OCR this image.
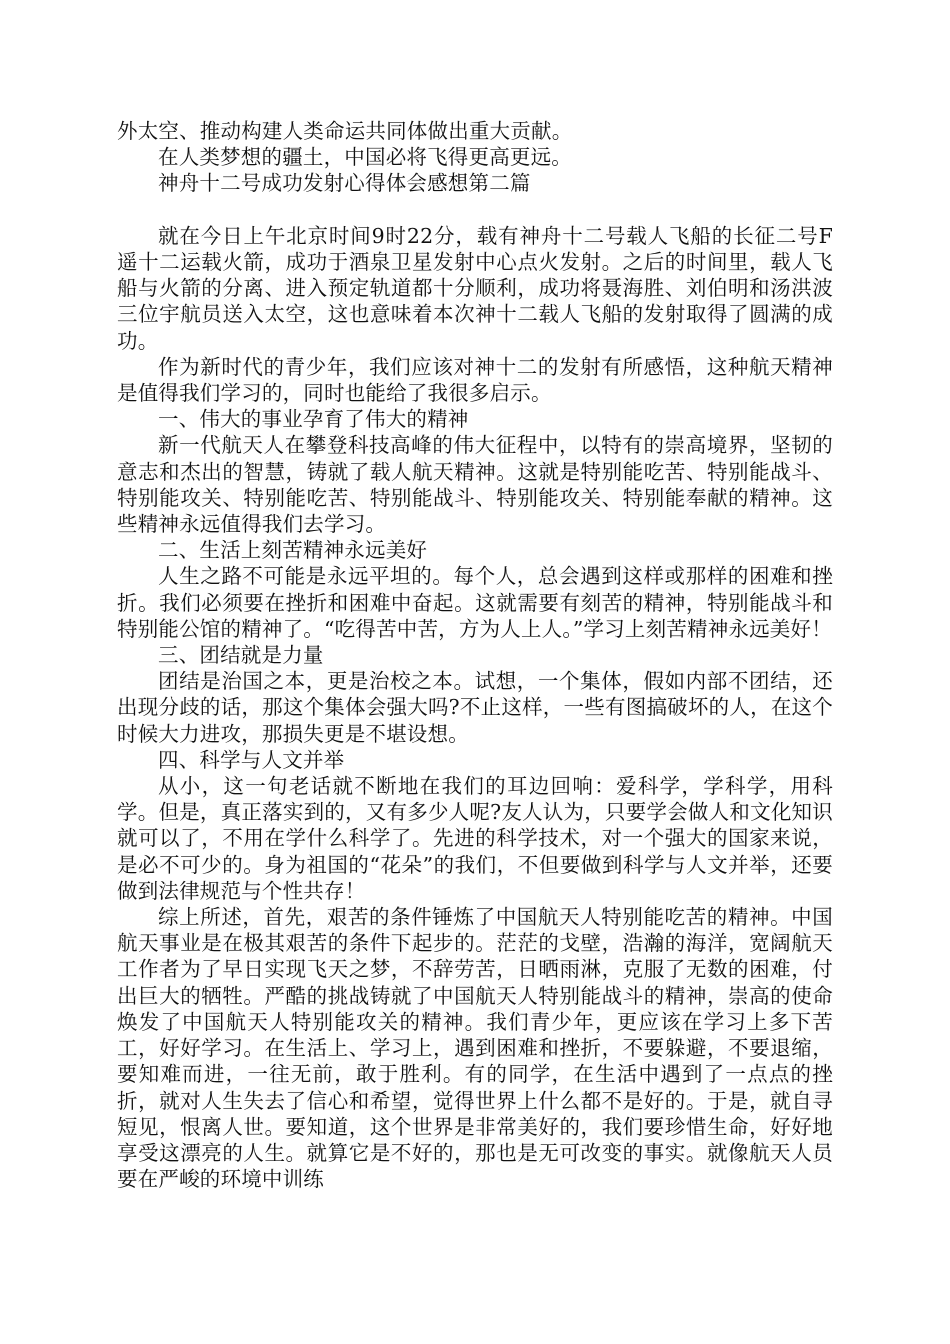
外太空、推动构建人类命运共同体做出重大贡献。

在人类梦想的疆土，中国必将飞得更高更远。

神舟十二号成功发射心得体会感想第二篇

就在今日上午北京时间9时22分，载有神舟十二号载人飞船的长征二号F遥十二运载火箭，成功于酒泉卫星发射中心点火发射。之后的时间里，载人飞船与火箭的分离、进入预定轨道都十分顺利，成功将聂海胜、刘伯明和汤洪波三位宇航员送入太空，这也意味着本次神十二载人飞船的发射取得了圆满的成功。

作为新时代的青少年，我们应该对神十二的发射有所感悟，这种航天精神是值得我们学习的，同时也能给了我很多启示。

一、伟大的事业孕育了伟大的精神

新一代航天人在攀登科技高峰的伟大征程中，以特有的崇高境界，坚韧的意志和杰出的智慧，铸就了载人航天精神。这就是特别能吃苦、特别能战斗、特别能攻关、特别能吃苦、特别能战斗、特别能攻关、特别能奉献的精神。这些精神永远值得我们去学习。

二、生活上刻苦精神永远美好

人生之路不可能是永远平坦的。每个人，总会遇到这样或那样的困难和挫折。我们必须要在挫折和困难中奋起。这就需要有刻苦的精神，特别能战斗和特别能公馆的精神了。“吃得苦中苦，方为人上人。”学习上刻苦精神永远美好！

三、团结就是力量

团结是治国之本，更是治校之本。试想，一个集体，假如内部不团结，还出现分歧的话，那这个集体会强大吗?不止这样，一些有图搞破坏的人，在这个时候大力进攻，那损失更是不堪设想。

四、科学与人文并举

从小，这一句老话就不断地在我们的耳边回响：爱科学，学科学，用科学。但是，真正落实到的，又有多少人呢?友人认为，只要学会做人和文化知识就可以了，不用在学什么科学了。先进的科学技术，对一个强大的国家来说，是必不可少的。身为祖国的“花朵”的我们，不但要做到科学与人文并举，还要做到法律规范与个性共存！

综上所述，首先，艰苦的条件锤炼了中国航天人特别能吃苦的精神。中国航天事业是在极其艰苦的条件下起步的。茫茫的戈壁，浩瀚的海洋，宽阔航天工作者为了早日实现飞天之梦，不辞劳苦，日晒雨淋，克服了无数的困难，付出巨大的牺牲。严酷的挑战铸就了中国航天人特别能战斗的精神，崇高的使命焕发了中国航天人特别能攻关的精神。我们青少年，更应该在学习上多下苦工，好好学习。在生活上、学习上，遇到困难和挫折，不要躲避，不要退缩，要知难而进，一往无前，敢于胜利。有的同学，在生活中遇到了一点点的挫折，就对人生失去了信心和希望，觉得世界上什么都不是好的。于是，就自寻短见，恨离人世。要知道，这个世界是非常美好的，我们要珍惜生命，好好地享受这漂亮的人生。就算它是不好的，那也是无可改变的事实。就像航天人员要在严峻的环境中训练
